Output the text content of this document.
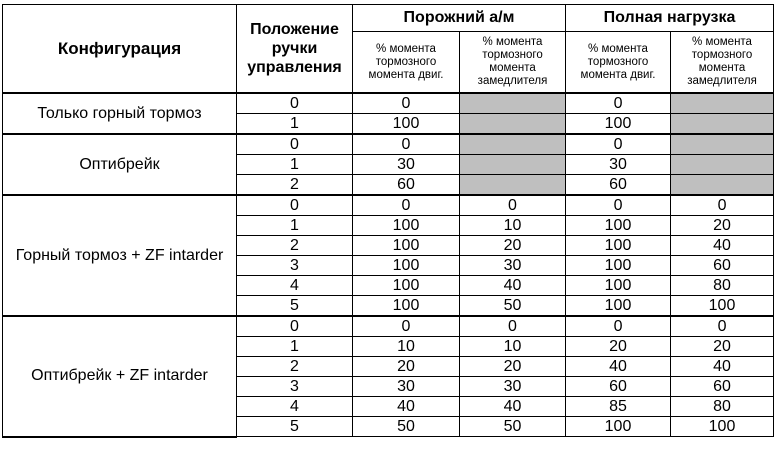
Конфигурация	Положение ручки управления	Порожний а/м		Полная нагрузка	
		% момента тормозного момента двиг.	% момента тормозного момента замедлителя	% момента тормозного момента двиг.	% момента тормозного момента замедлителя
Только горный тормоз	0	0		0	
	1	100		100	
Оптибрейк	0	0		0	
	1	30		30	
	2	60		60	
Горный тормоз + ZF intarder	0	0	0	0	0
	1	100	10	100	20
	2	100	20	100	40
	3	100	30	100	60
	4	100	40	100	80
	5	100	50	100	100
Оптибрейк + ZF intarder	0	0	0	0	0
	1	10	10	20	20
	2	20	20	40	40
	3	30	30	60	60
	4	40	40	85	80
	5	50	50	100	100
